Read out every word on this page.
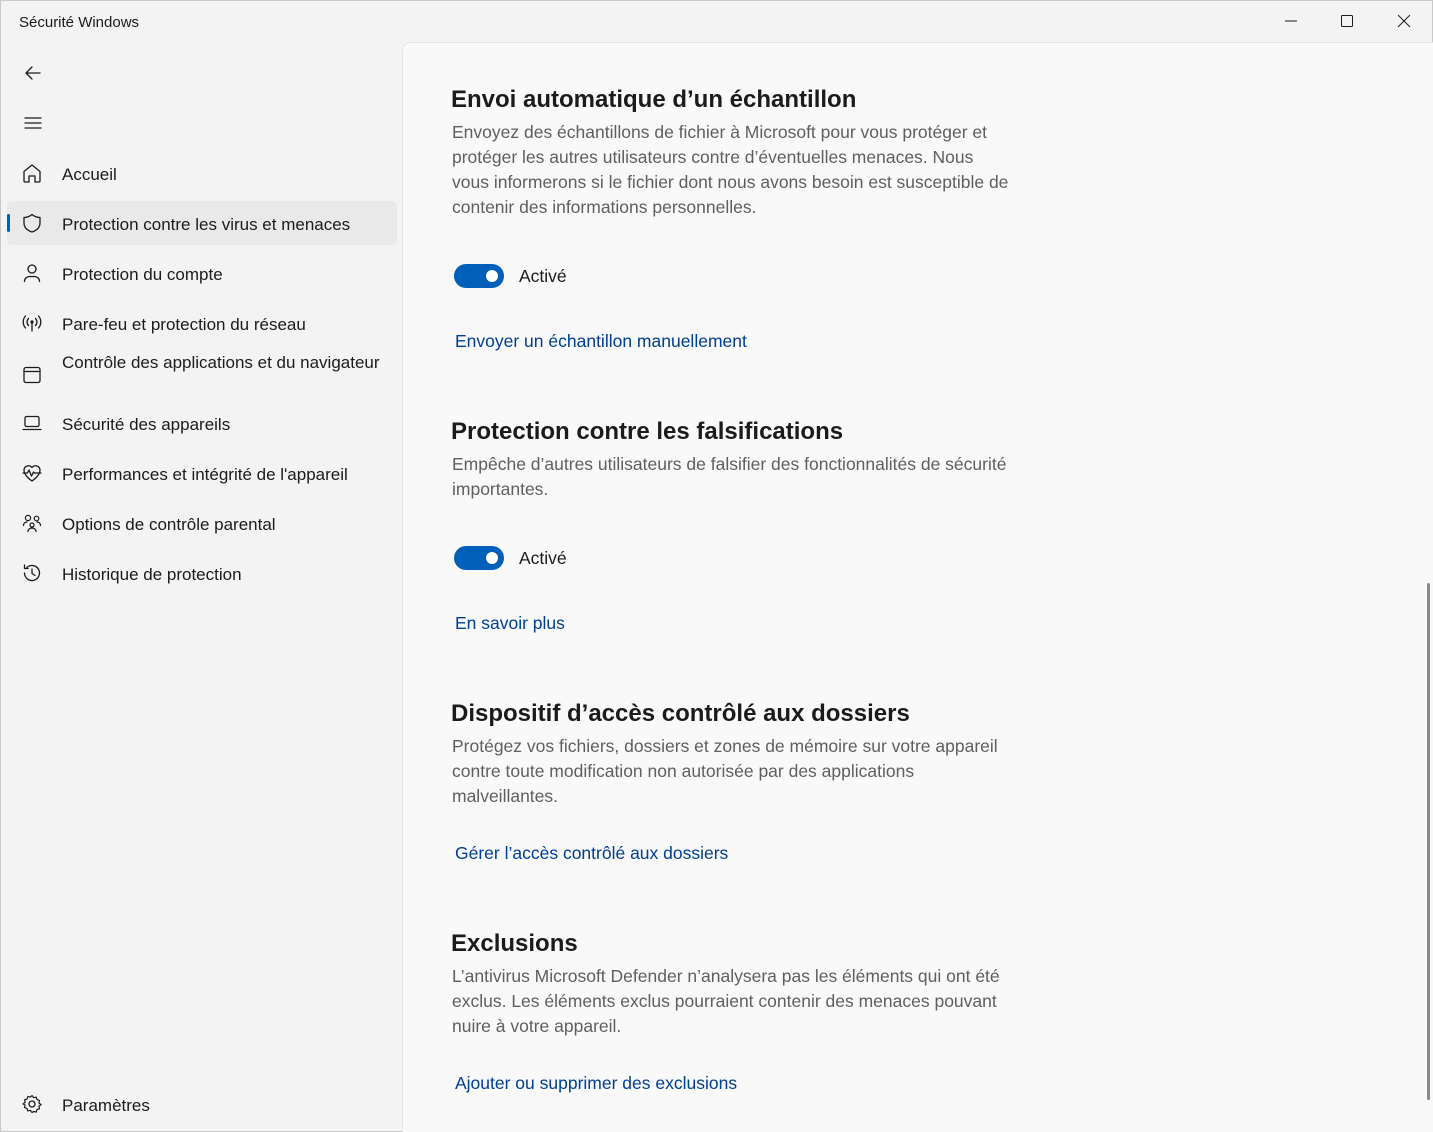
Sécurité Windows
Accueil
Protection contre les virus et menaces
Protection du compte
Pare-feu et protection du réseau
Contrôle des applications et du navigateur
Sécurité des appareils
Performances et intégrité de l'appareil
Options de contrôle parental
Historique de protection
Paramètres
Envoi automatique d’un échantillon

Envoyez des échantillons de fichier à Microsoft pour vous protéger et protéger les autres utilisateurs contre d’éventuelles menaces. Nous vous informerons si le fichier dont nous avons besoin est susceptible de contenir des informations personnelles.

Activé
Envoyer un échantillon manuellement
Protection contre les falsifications

Empêche d’autres utilisateurs de falsifier des fonctionnalités de sécurité importantes.

Activé
En savoir plus
Dispositif d’accès contrôlé aux dossiers

Protégez vos fichiers, dossiers et zones de mémoire sur votre appareil contre toute modification non autorisée par des applications malveillantes.

Gérer l’accès contrôlé aux dossiers
Exclusions

L’antivirus Microsoft Defender n’analysera pas les éléments qui ont été exclus. Les éléments exclus pourraient contenir des menaces pouvant nuire à votre appareil.

Ajouter ou supprimer des exclusions
